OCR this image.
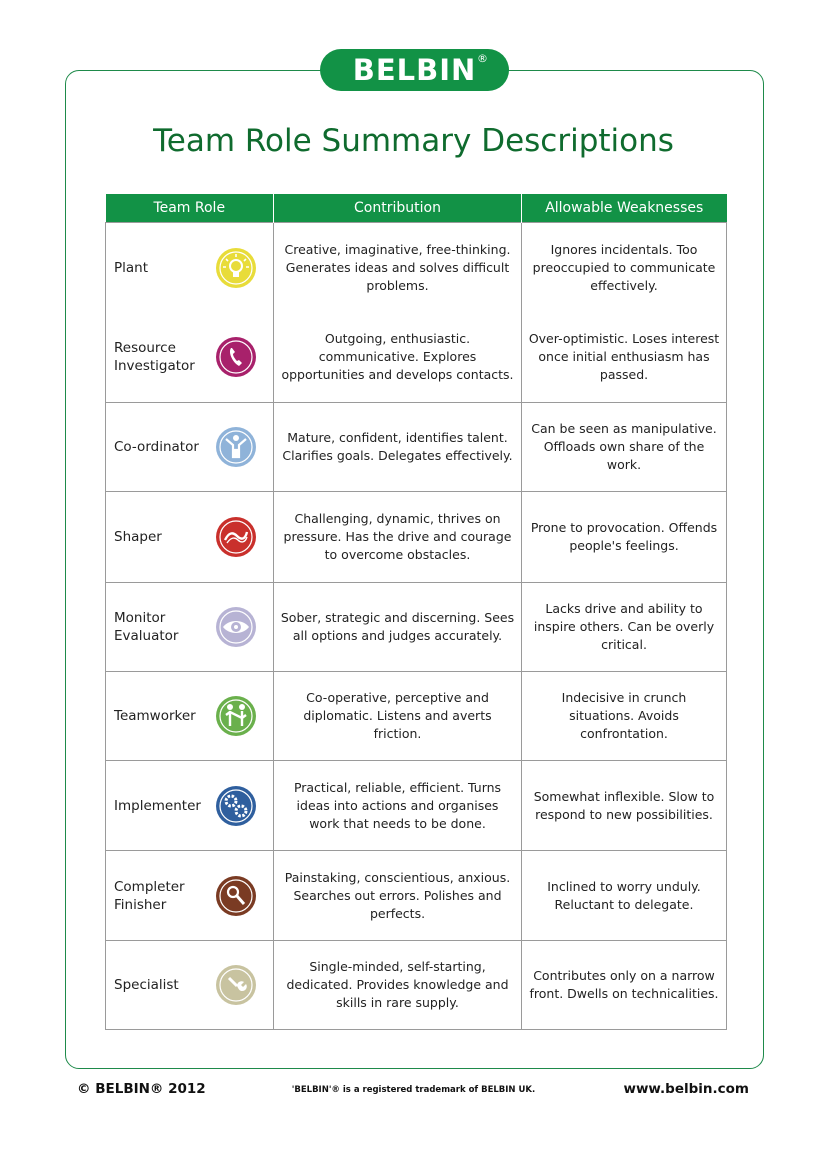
BELBIN ®
Team Role Summary Descriptions
Team Role	Contribution	Allowable Weaknesses
Plant	Creative, imaginative, free-thinking. Generates ideas and solves difficult problems.	Ignores incidentals. Too preoccupied to communicate effectively.
Resource Investigator	Outgoing, enthusiastic. communicative. Explores opportunities and develops contacts.	Over-optimistic. Loses interest once initial enthusiasm has passed.
Co-ordinator	Mature, confident, identifies talent. Clarifies goals. Delegates effectively.	Can be seen as manipulative. Offloads own share of the work.
Shaper	Challenging, dynamic, thrives on pressure. Has the drive and courage to overcome obstacles.	Prone to provocation. Offends people's feelings.
Monitor Evaluator	Sober, strategic and discerning. Sees all options and judges accurately.	Lacks drive and ability to inspire others. Can be overly critical.
Teamworker	Co-operative, perceptive and diplomatic. Listens and averts friction.	Indecisive in crunch situations. Avoids confrontation.
Implementer	Practical, reliable, efficient. Turns ideas into actions and organises work that needs to be done.	Somewhat inflexible. Slow to respond to new possibilities.
Completer Finisher	Painstaking, conscientious, anxious. Searches out errors. Polishes and perfects.	Inclined to worry unduly. Reluctant to delegate.
Specialist	Single-minded, self-starting, dedicated. Provides knowledge and skills in rare supply.	Contributes only on a narrow front. Dwells on technicalities.
© BELBIN® 2012	'BELBIN'® is a registered trademark of BELBIN UK.	www.belbin.com
